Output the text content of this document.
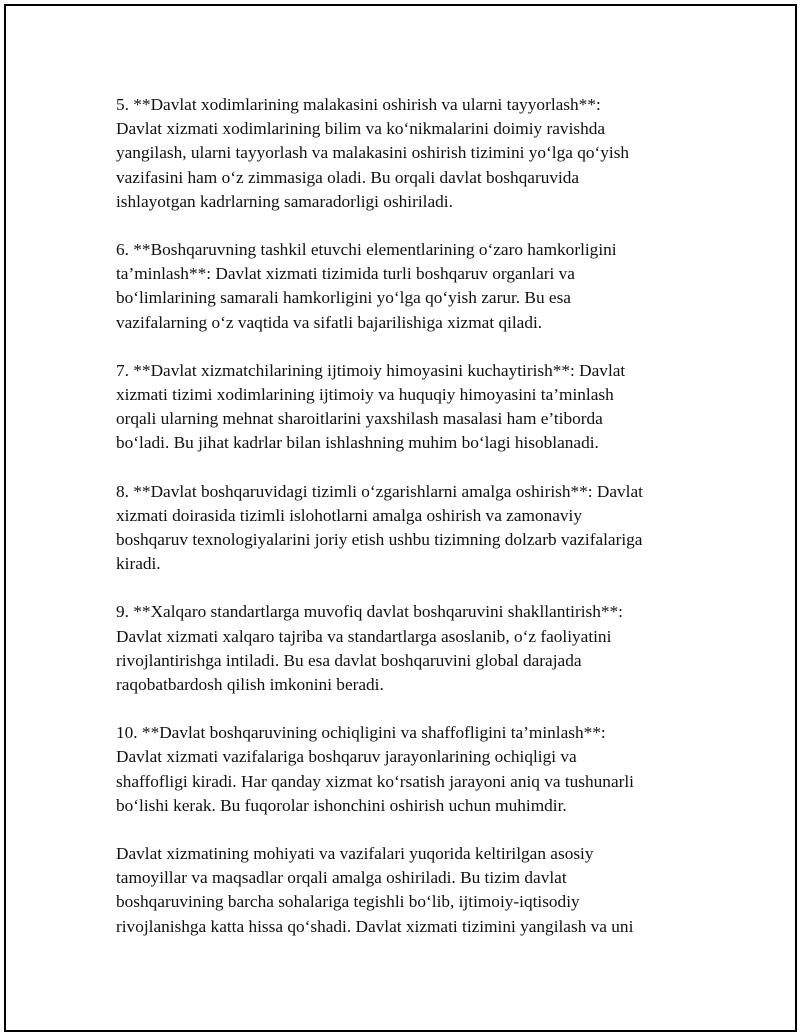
5. **Davlat xodimlarining malakasini oshirish va ularni tayyorlash**:
Davlat xizmati xodimlarining bilim va ko‘nikmalarini doimiy ravishda
yangilash, ularni tayyorlash va malakasini oshirish tizimini yo‘lga qo‘yish
vazifasini ham o‘z zimmasiga oladi. Bu orqali davlat boshqaruvida
ishlayotgan kadrlarning samaradorligi oshiriladi.

6. **Boshqaruvning tashkil etuvchi elementlarining o‘zaro hamkorligini
ta’minlash**: Davlat xizmati tizimida turli boshqaruv organlari va
bo‘limlarining samarali hamkorligini yo‘lga qo‘yish zarur. Bu esa
vazifalarning o‘z vaqtida va sifatli bajarilishiga xizmat qiladi.

7. **Davlat xizmatchilarining ijtimoiy himoyasini kuchaytirish**: Davlat
xizmati tizimi xodimlarining ijtimoiy va huquqiy himoyasini ta’minlash
orqali ularning mehnat sharoitlarini yaxshilash masalasi ham e’tiborda
bo‘ladi. Bu jihat kadrlar bilan ishlashning muhim bo‘lagi hisoblanadi.

8. **Davlat boshqaruvidagi tizimli o‘zgarishlarni amalga oshirish**: Davlat
xizmati doirasida tizimli islohotlarni amalga oshirish va zamonaviy
boshqaruv texnologiyalarini joriy etish ushbu tizimning dolzarb vazifalariga
kiradi.

9. **Xalqaro standartlarga muvofiq davlat boshqaruvini shakllantirish**:
Davlat xizmati xalqaro tajriba va standartlarga asoslanib, o‘z faoliyatini
rivojlantirishga intiladi. Bu esa davlat boshqaruvini global darajada
raqobatbardosh qilish imkonini beradi.

10. **Davlat boshqaruvining ochiqligini va shaffofligini ta’minlash**:
Davlat xizmati vazifalariga boshqaruv jarayonlarining ochiqligi va
shaffofligi kiradi. Har qanday xizmat ko‘rsatish jarayoni aniq va tushunarli
bo‘lishi kerak. Bu fuqorolar ishonchini oshirish uchun muhimdir.

Davlat xizmatining mohiyati va vazifalari yuqorida keltirilgan asosiy
tamoyillar va maqsadlar orqali amalga oshiriladi. Bu tizim davlat
boshqaruvining barcha sohalariga tegishli bo‘lib, ijtimoiy-iqtisodiy
rivojlanishga katta hissa qo‘shadi. Davlat xizmati tizimini yangilash va uni
